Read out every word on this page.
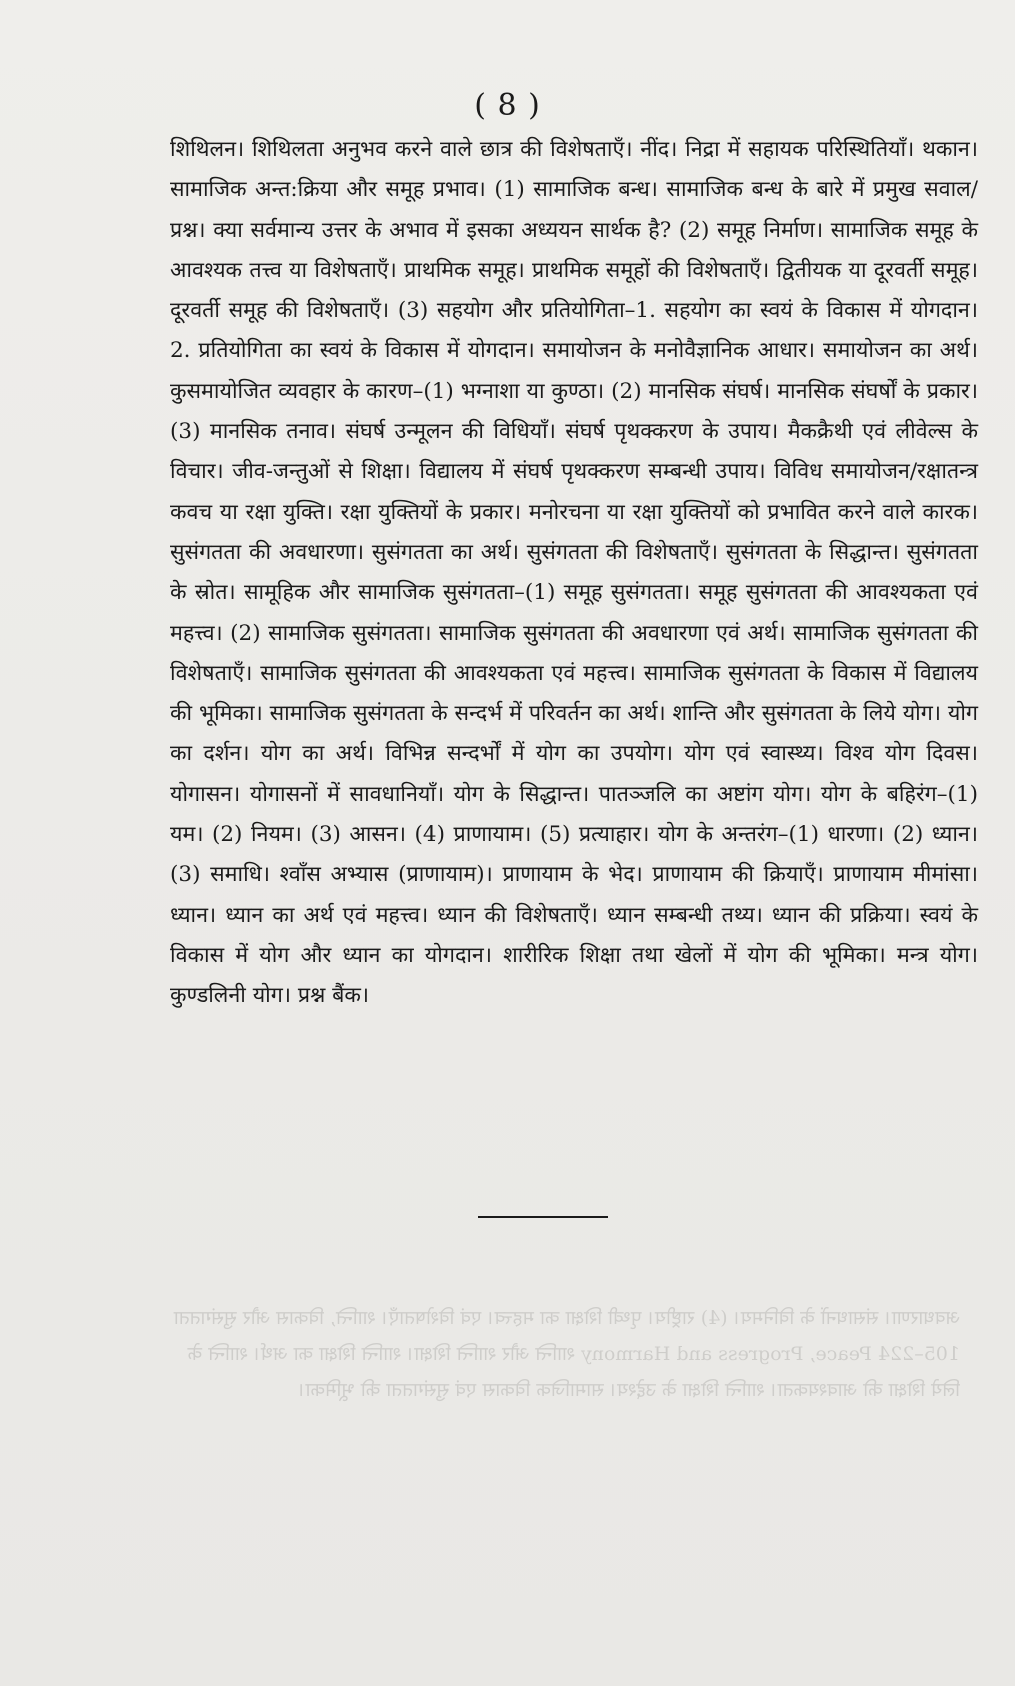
अवधारणा। संसाधनों के विनिमय। (4) राष्ट्रीय। पृथ्वी शिक्षा का महत्त्व। एवं विशेषताएँ। शान्ति, विकास और सुसंगतता 105–224 Peace, Progress and Harmony शान्ति और शान्ति शिक्षा। शान्ति शिक्षा का अर्थ। शान्ति के लिये शिक्षा की आवश्यकता। शान्ति शिक्षा के उद्देश्य। सामाजिक विकास एवं सुसंगतता की भूमिका।
( 8 )

शिथिलन। शिथिलता अनुभव करने वाले छात्र की विशेषताएँ। नींद। निद्रा में सहायक परिस्थितियाँ। थकान। सामाजिक अन्त:क्रिया और समूह प्रभाव। (1) सामाजिक बन्ध। सामाजिक बन्ध के बारे में प्रमुख सवाल/प्रश्न। क्या सर्वमान्य उत्तर के अभाव में इसका अध्ययन सार्थक है? (2) समूह निर्माण। सामाजिक समूह के आवश्यक तत्त्व या विशेषताएँ। प्राथमिक समूह। प्राथमिक समूहों की विशेषताएँ। द्वितीयक या दूरवर्ती समूह। दूरवर्ती समूह की विशेषताएँ। (3) सहयोग और प्रतियोगिता–1. सहयोग का स्वयं के विकास में योगदान। 2. प्रतियोगिता का स्वयं के विकास में योगदान। समायोजन के मनोवैज्ञानिक आधार। समायोजन का अर्थ। कुसमायोजित व्यवहार के कारण–(1) भग्नाशा या कुण्ठा। (2) मानसिक संघर्ष। मानसिक संघर्षों के प्रकार। (3) मानसिक तनाव। संघर्ष उन्मूलन की विधियाँ। संघर्ष पृथक्करण के उपाय। मैकक्रैथी एवं लीवेल्स के विचार। जीव-जन्तुओं से शिक्षा। विद्यालय में संघर्ष पृथक्करण सम्बन्धी उपाय। विविध समायोजन/रक्षातन्त्र कवच या रक्षा युक्ति। रक्षा युक्तियों के प्रकार। मनोरचना या रक्षा युक्तियों को प्रभावित करने वाले कारक। सुसंगतता की अवधारणा। सुसंगतता का अर्थ। सुसंगतता की विशेषताएँ। सुसंगतता के सिद्धान्त। सुसंगतता के स्रोत। सामूहिक और सामाजिक सुसंगतता–(1) समूह सुसंगतता। समूह सुसंगतता की आवश्यकता एवं महत्त्व। (2) सामाजिक सुसंगतता। सामाजिक सुसंगतता की अवधारणा एवं अर्थ। सामाजिक सुसंगतता की विशेषताएँ। सामाजिक सुसंगतता की आवश्यकता एवं महत्त्व। सामाजिक सुसंगतता के विकास में विद्यालय की भूमिका। सामाजिक सुसंगतता के सन्दर्भ में परिवर्तन का अर्थ। शान्ति और सुसंगतता के लिये योग। योग का दर्शन। योग का अर्थ। विभिन्न सन्दर्भों में योग का उपयोग। योग एवं स्वास्थ्य। विश्व योग दिवस। योगासन। योगासनों में सावधानियाँ। योग के सिद्धान्त। पातञ्जलि का अष्टांग योग। योग के बहिरंग–(1) यम। (2) नियम। (3) आसन। (4) प्राणायाम। (5) प्रत्याहार। योग के अन्तरंग–(1) धारणा। (2) ध्यान। (3) समाधि। श्वाँस अभ्यास (प्राणायाम)। प्राणायाम के भेद। प्राणायाम की क्रियाएँ। प्राणायाम मीमांसा। ध्यान। ध्यान का अर्थ एवं महत्त्व। ध्यान की विशेषताएँ। ध्यान सम्बन्धी तथ्य। ध्यान की प्रक्रिया। स्वयं के विकास में योग और ध्यान का योगदान। शारीरिक शिक्षा तथा खेलों में योग की भूमिका। मन्त्र योग। कुण्डलिनी योग। प्रश्न बैंक।
